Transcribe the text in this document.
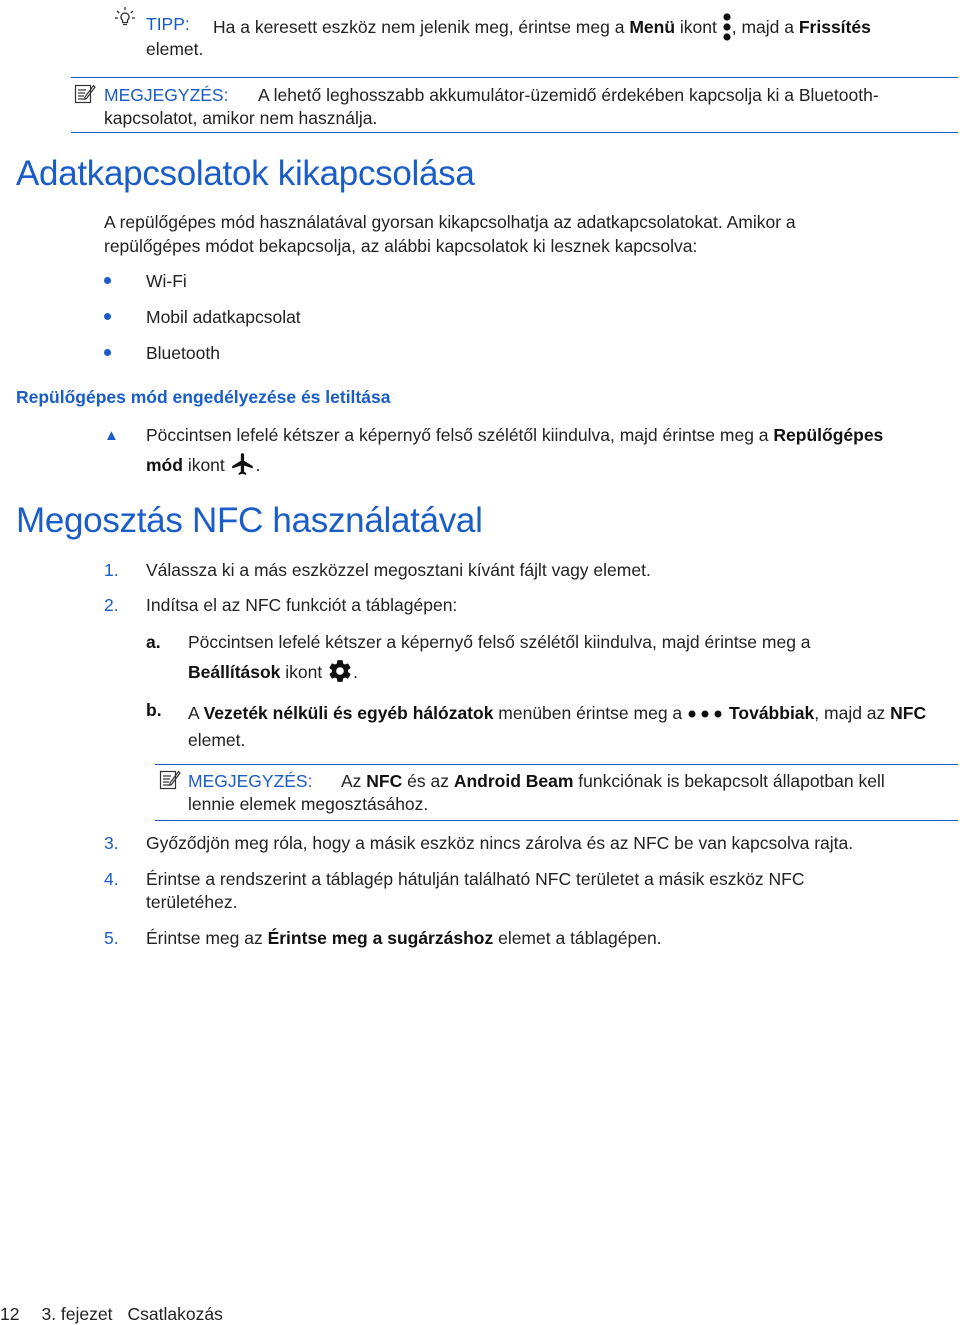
TIPP: Ha a keresett eszköz nem jelenik meg, érintse meg a Menü ikont
, majd a Frissítés
elemet.
MEGJEGYZÉS: A lehető leghosszabb akkumulátor-üzemidő érdekében kapcsolja ki a Bluetooth-
kapcsolatot, amikor nem használja.
Adatkapcsolatok kikapcsolása
A repülőgépes mód használatával gyorsan kikapcsolhatja az adatkapcsolatokat. Amikor a
repülőgépes módot bekapcsolja, az alábbi kapcsolatok ki lesznek kapcsolva:
Wi-Fi
Mobil adatkapcsolat
Bluetooth
Repülőgépes mód engedélyezése és letiltása
▲ Pöccintsen lefelé kétszer a képernyő felső szélétől kiindulva, majd érintse meg a Repülőgépes
mód ikont
.
Megosztás NFC használatával
1. Válassza ki a más eszközzel megosztani kívánt fájlt vagy elemet.
2. Indítsa el az NFC funkciót a táblagépen:
a. Pöccintsen lefelé kétszer a képernyő felső szélétől kiindulva, majd érintse meg a
Beállítások ikont
.
b. A Vezeték nélküli és egyéb hálózatok menüben érintse meg a
Továbbiak, majd az NFC
elemet.
MEGJEGYZÉS: Az NFC és az Android Beam funkciónak is bekapcsolt állapotban kell
lennie elemek megosztásához.
3. Győződjön meg róla, hogy a másik eszköz nincs zárolva és az NFC be van kapcsolva rajta.
4. Érintse a rendszerint a táblagép hátulján található NFC területet a másik eszköz NFC
területéhez.
5. Érintse meg az Érintse meg a sugárzáshoz elemet a táblagépen.
12 3. fejezet Csatlakozás
